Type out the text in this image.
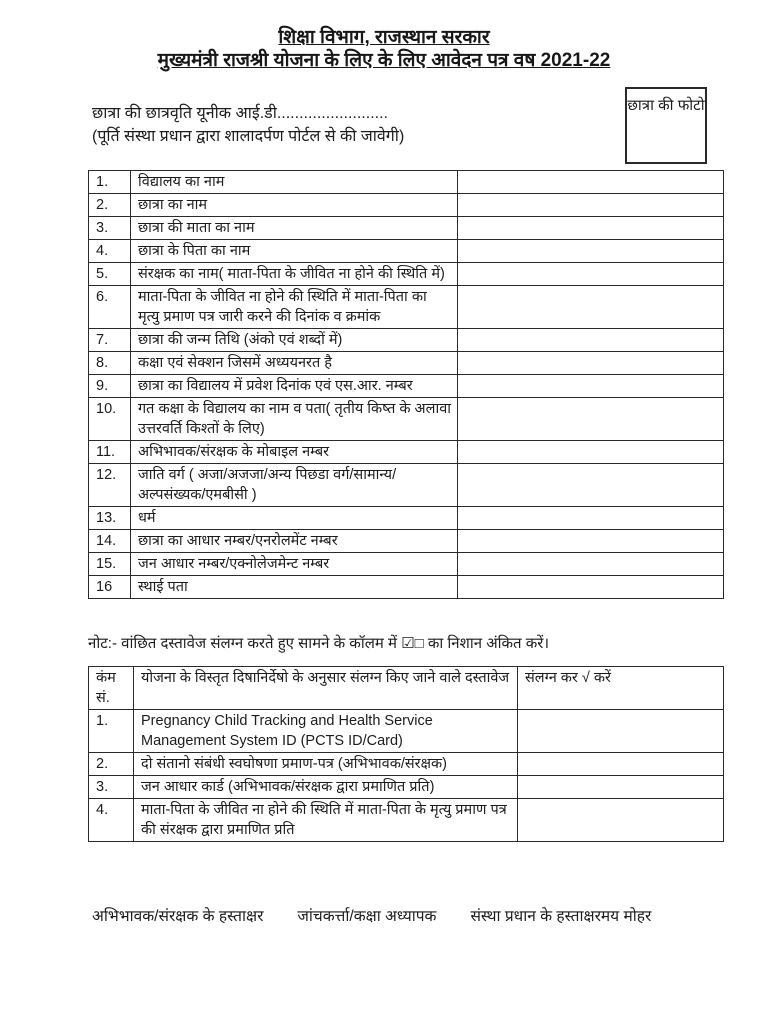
शिक्षा विभाग, राजस्थान सरकार
मुख्यमंत्री राजश्री योजना के लिए के लिए आवेदन पत्र वष 2021-22
छात्रा की फोटो
छात्रा की छात्रवृति यूनीक आई.डी.........................
(पूर्ति संस्था प्रधान द्वारा शालादर्पण पोर्टल से की जावेगी)
1.	विद्यालय का नाम	
2.	छात्रा का नाम	
3.	छात्रा की माता का नाम	
4.	छात्रा के पिता का नाम	
5.	संरक्षक का नाम( माता-पिता के जीवित ना होने की स्थिति में)	
6.	माता-पिता के जीवित ना होने की स्थिति में माता-पिता का मृत्यु प्रमाण पत्र जारी करने की दिनांक व क्रमांक	
7.	छात्रा की जन्म तिथि (अंको एवं शब्दों में)	
8.	कक्षा एवं सेक्शन जिसमें अध्ययनरत है	
9.	छात्रा का विद्यालय में प्रवेश दिनांक एवं एस.आर. नम्बर	
10.	गत कक्षा के विद्यालय का नाम व पता( तृतीय किष्त के अलावा उत्तरवर्ति किश्तों के लिए)	
11.	अभिभावक/संरक्षक के मोबाइल नम्बर	
12.	जाति वर्ग ( अजा/अजजा/अन्य पिछडा वर्ग/सामान्य/ अल्पसंख्यक/एमबीसी )	
13.	धर्म	
14.	छात्रा का आधार नम्बर/एनरोलमेंट नम्बर	
15.	जन आधार नम्बर/एक्नोलेजमेन्ट नम्बर	
16	स्थाई पता	
नोट:- वांछित दस्तावेज संलग्न करते हुए सामने के कॉलम में ☑□ का निशान अंकित करें।
कंम सं.	योजना के विस्तृत दिषानिर्देषो के अनुसार संलग्न किए जाने वाले दस्तावेज	संलग्न कर √ करें
1.	Pregnancy Child Tracking and Health Service Management System ID (PCTS ID/Card)	
2.	दो संतानो संबंधी स्वघोषणा प्रमाण-पत्र (अभिभावक/संरक्षक)	
3.	जन आधार कार्ड (अभिभावक/संरक्षक द्वारा प्रमाणित प्रति)	
4.	माता-पिता के जीवित ना होने की स्थिति में माता-पिता के मृत्यु प्रमाण पत्र की संरक्षक द्वारा प्रमाणित प्रति	
अभिभावक/संरक्षक के हस्ताक्षर जांचकर्त्ता/कक्षा अध्यापक संस्था प्रधान के हस्ताक्षरमय मोहर
